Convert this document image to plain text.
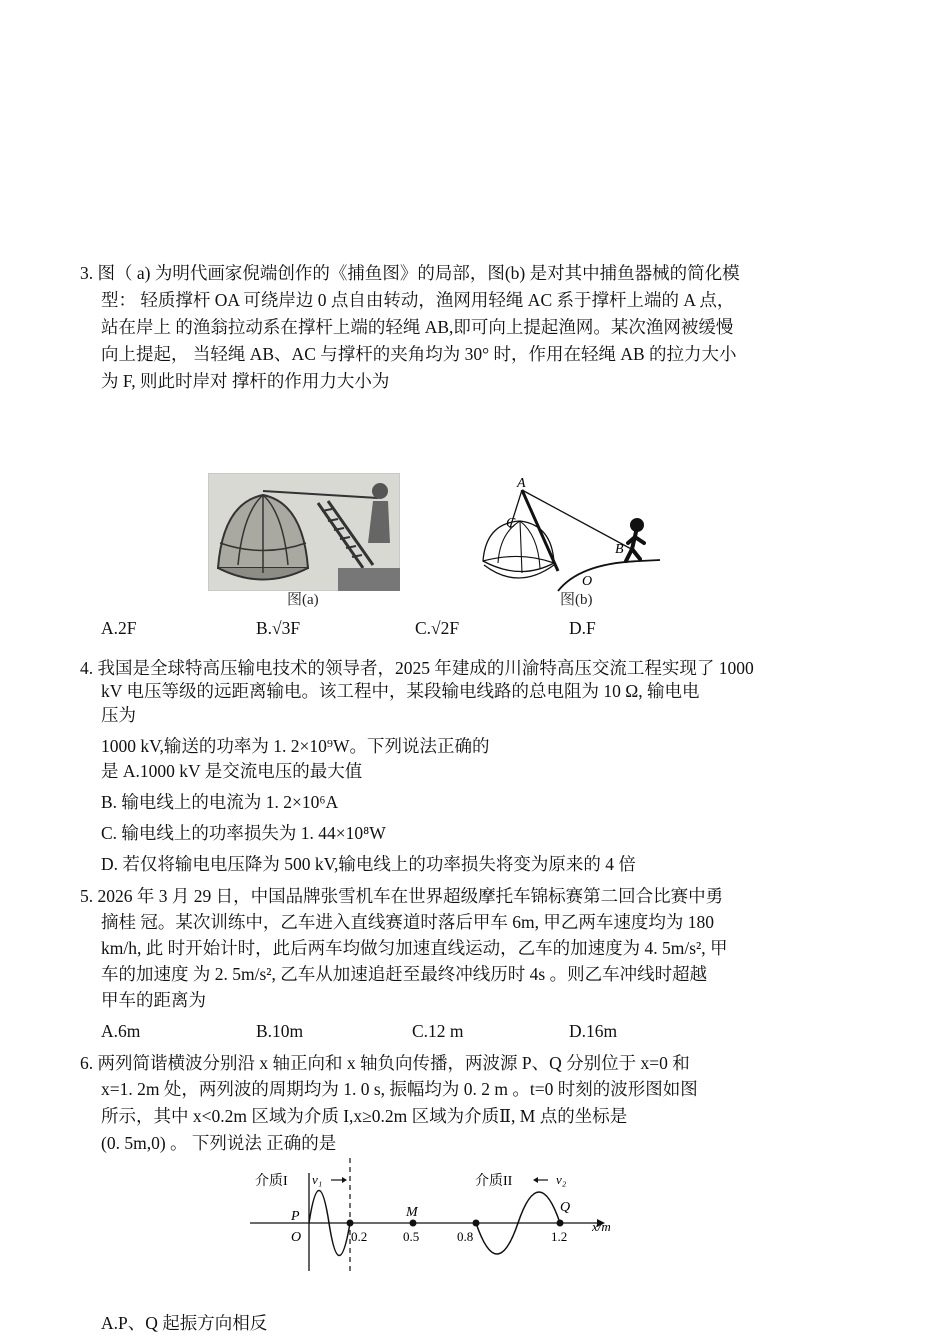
3. 图（ a) 为明代画家倪端创作的《捕鱼图》的局部，图(b) 是对其中捕鱼器械的简化模
型： 轻质撑杆 OA 可绕岸边 0 点自由转动，渔网用轻绳 AC 系于撑杆上端的 A 点，
站在岸上 的渔翁拉动系在撑杆上端的轻绳 AB,即可向上提起渔网。某次渔网被缓慢
向上提起， 当轻绳 AB、AC 与撑杆的夹角均为 30° 时，作用在轻绳 AB 的拉力大小
为 F, 则此时岸对 撑杆的作用力大小为
图(a)
A
C
B
O
图(b)
A.2F	B.√3F	C.√2F	D.F
4. 我国是全球特高压输电技术的领导者，2025 年建成的川渝特高压交流工程实现了 1000
kV 电压等级的远距离输电。该工程中，某段输电线路的总电阻为 10 Ω, 输电电
压为
1000 kV,输送的功率为 1. 2×10⁹W。下列说法正确的
是 A.1000 kV 是交流电压的最大值
B. 输电线上的电流为 1. 2×10⁶A
C. 输电线上的功率损失为 1. 44×10⁸W
D. 若仅将输电电压降为 500 kV,输电线上的功率损失将变为原来的 4 倍
5. 2026 年 3 月 29 日，中国品牌张雪机车在世界超级摩托车锦标赛第二回合比赛中勇
摘桂 冠。某次训练中，乙车进入直线赛道时落后甲车 6m, 甲乙两车速度均为 180
km/h, 此 时开始计时，此后两车均做匀加速直线运动，乙车的加速度为 4. 5m/s², 甲
车的加速度 为 2. 5m/s², 乙车从加速追赶至最终冲线历时 4s 。则乙车冲线时超越
甲车的距离为
A.6m	B.10m	C.12 m	D.16m
6. 两列简谐横波分别沿 x 轴正向和 x 轴负向传播，两波源 P、Q 分别位于 x=0 和
x=1. 2m 处，两列波的周期均为 1. 0 s, 振幅均为 0. 2 m 。t=0 时刻的波形图如图
所示，其中 x<0.2m 区域为介质 I,x≥0.2m 区域为介质Ⅱ, M 点的坐标是
(0. 5m,0) 。 下列说法 正确的是
介质I v₁	介质II	v₂
P
O
M	Q
x/m
0.2	0.5	0.8	1.2
A.P、Q 起振方向相反
